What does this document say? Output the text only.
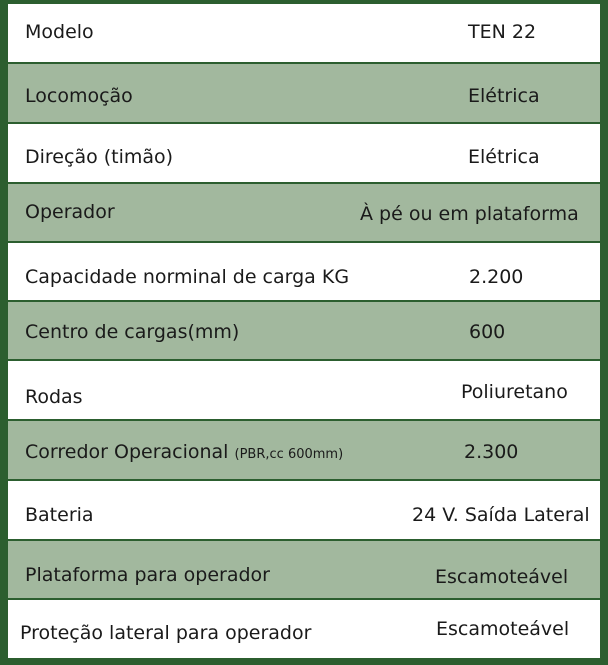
Modelo	TEN 22
Locomoção	Elétrica
Direção (timão)	Elétrica
Operador	À pé ou em plataforma
Capacidade norminal de carga KG	2.200
Centro de cargas(mm)	600
Rodas	Poliuretano
Corredor Operacional (PBR,cc 600mm)	2.300
Bateria	24 V. Saída Lateral
Plataforma para operador	Escamoteável
Proteção lateral para operador	Escamoteável
